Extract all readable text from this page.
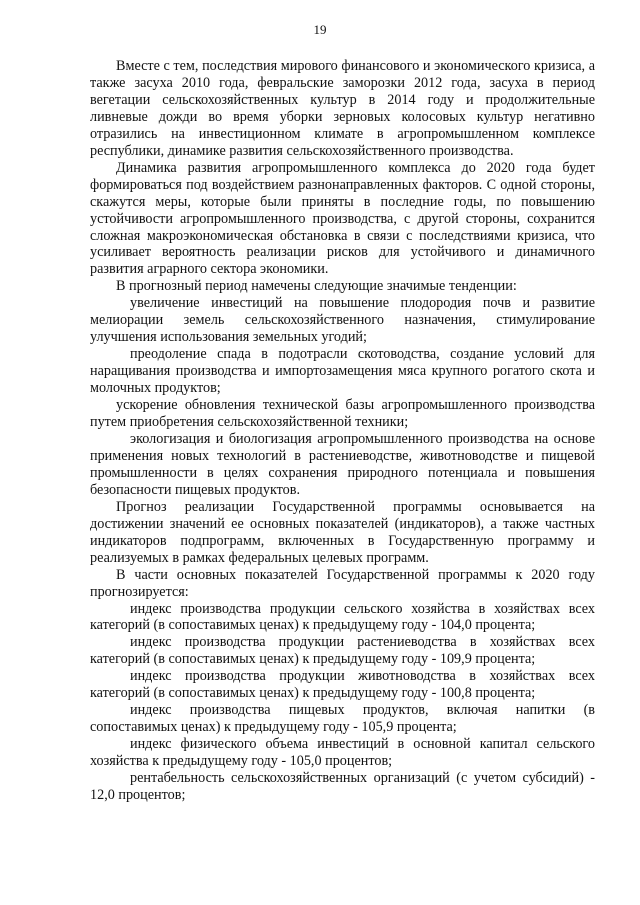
19

Вместе с тем, последствия мирового финансового и экономического кризиса, а также засуха 2010 года, февральские заморозки 2012 года, засуха в период вегетации сельскохозяйственных культур в 2014 году и продолжительные ливневые дожди во время уборки зерновых колосовых культур негативно отразились на инвестиционном климате в агропромышленном комплексе республики, динамике развития сельскохозяйственного производства.

Динамика развития агропромышленного комплекса до 2020 года будет формироваться под воздействием разнонаправленных факторов. С одной стороны, скажутся меры, которые были приняты в последние годы, по повышению устойчивости агропромышленного производства, с другой стороны, сохранится сложная макроэкономическая обстановка в связи с последствиями кризиса, что усиливает вероятность реализации рисков для устойчивого и динамичного развития аграрного сектора экономики.

В прогнозный период намечены следующие значимые тенденции:

увеличение инвестиций на повышение плодородия почв и развитие мелиорации земель сельскохозяйственного назначения, стимулирование улучшения использования земельных угодий;

преодоление спада в подотрасли скотоводства, создание условий для наращивания производства и импортозамещения мяса крупного рогатого скота и молочных продуктов;

ускорение обновления технической базы агропромышленного производства путем приобретения сельскохозяйственной техники;

экологизация и биологизация агропромышленного производства на основе применения новых технологий в растениеводстве, животноводстве и пищевой промышленности в целях сохранения природного потенциала и повышения безопасности пищевых продуктов.

Прогноз реализации Государственной программы основывается на достижении значений ее основных показателей (индикаторов), а также частных индикаторов подпрограмм, включенных в Государственную программу и реализуемых в рамках федеральных целевых программ.

В части основных показателей Государственной программы к 2020 году прогнозируется:

индекс производства продукции сельского хозяйства в хозяйствах всех категорий (в сопоставимых ценах) к предыдущему году - 104,0 процента;

индекс производства продукции растениеводства в хозяйствах всех категорий (в сопоставимых ценах) к предыдущему году - 109,9 процента;

индекс производства продукции животноводства в хозяйствах всех категорий (в сопоставимых ценах) к предыдущему году - 100,8 процента;

индекс производства пищевых продуктов, включая напитки (в сопоставимых ценах) к предыдущему году - 105,9 процента;

индекс физического объема инвестиций в основной капитал сельского хозяйства к предыдущему году - 105,0 процентов;

рентабельность сельскохозяйственных организаций (с учетом субсидий) - 12,0 процентов;
